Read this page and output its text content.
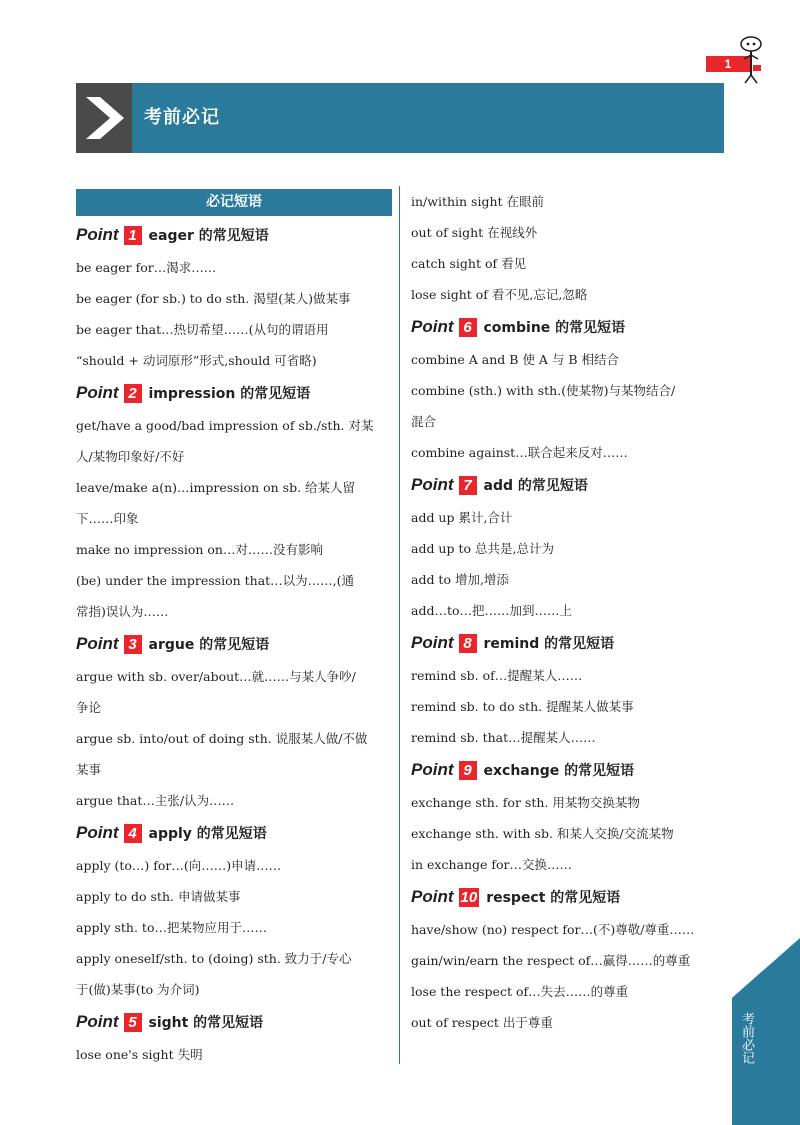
1
考前必记
必记短语
Point 1 eager 的常见短语
be eager for…渴求……
be eager (for sb.) to do sth. 渴望(某人)做某事
be eager that…热切希望……(从句的谓语用
“should + 动词原形”形式,should 可省略)
Point 2 impression 的常见短语
get/have a good/bad impression of sb./sth. 对某
人/某物印象好/不好
leave/make a(n)…impression on sb. 给某人留
下……印象
make no impression on…对……没有影响
(be) under the impression that…以为……,(通
常指)误认为……
Point 3 argue 的常见短语
argue with sb. over/about…就……与某人争吵/
争论
argue sb. into/out of doing sth. 说服某人做/不做
某事
argue that…主张/认为……
Point 4 apply 的常见短语
apply (to…) for…(向……)申请……
apply to do sth. 申请做某事
apply sth. to…把某物应用于……
apply oneself/sth. to (doing) sth. 致力于/专心
于(做)某事(to 为介词)
Point 5 sight 的常见短语
lose one's sight 失明
in/within sight 在眼前
out of sight 在视线外
catch sight of 看见
lose sight of 看不见,忘记,忽略
Point 6 combine 的常见短语
combine A and B 使 A 与 B 相结合
combine (sth.) with sth.(使某物)与某物结合/
混合
combine against…联合起来反对……
Point 7 add 的常见短语
add up 累计,合计
add up to 总共是,总计为
add to 增加,增添
add…to…把……加到……上
Point 8 remind 的常见短语
remind sb. of…提醒某人……
remind sb. to do sth. 提醒某人做某事
remind sb. that…提醒某人……
Point 9 exchange 的常见短语
exchange sth. for sth. 用某物交换某物
exchange sth. with sb. 和某人交换/交流某物
in exchange for…交换……
Point 10 respect 的常见短语
have/show (no) respect for…(不)尊敬/尊重……
gain/win/earn the respect of…赢得……的尊重
lose the respect of…失去……的尊重
out of respect 出于尊重	考前必记
